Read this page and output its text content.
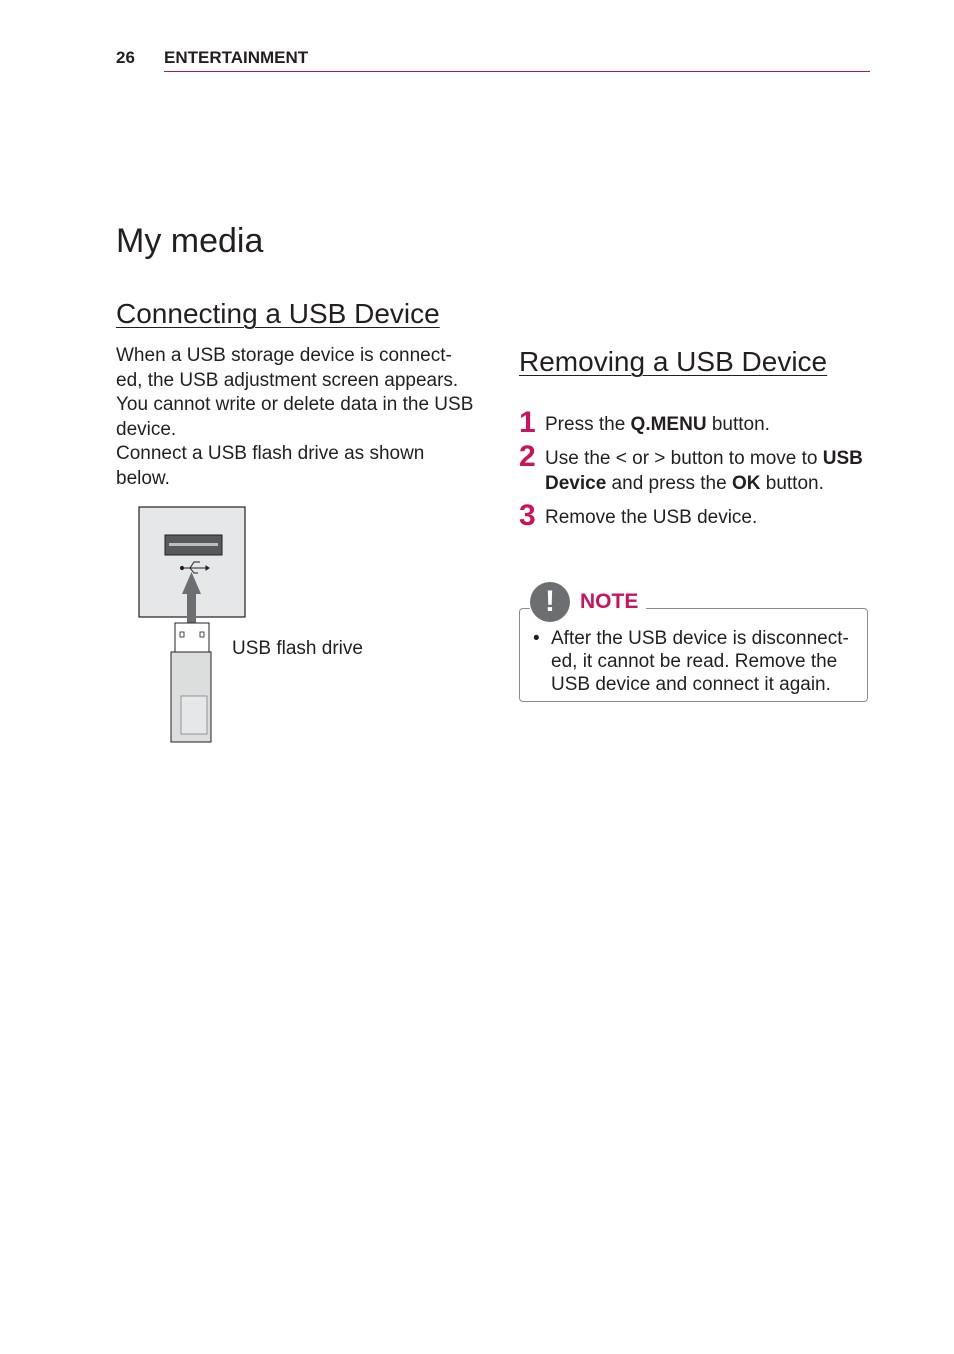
26 ENTERTAINMENT
My media
Connecting a USB Device

When a USB storage device is connect-ed, the USB adjustment screen appears. You cannot write or delete data in the USB device.

Connect a USB flash drive as shown below.

USB flash drive
Removing a USB Device
1 Press the Q.MENU button.
2 Use the < or > button to move to USB Device and press the OK button.
3 Remove the USB device.
!	NOTE
• After the USB device is disconnect-ed, it cannot be read. Remove the USB device and connect it again.
